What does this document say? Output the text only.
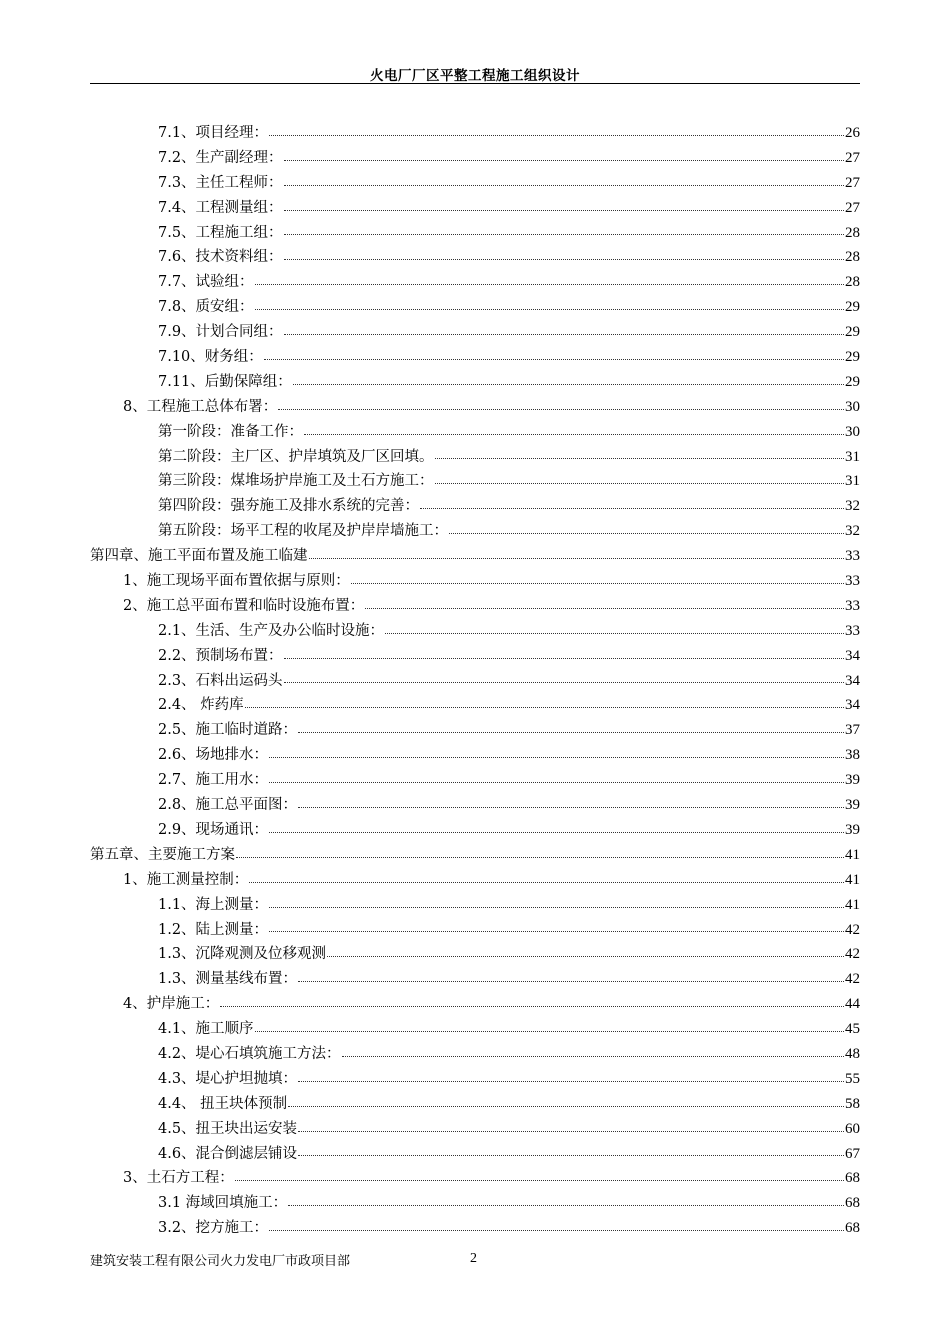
火电厂厂区平整工程施工组织设计
7.1、项目经理：	26
7.2、生产副经理：	27
7.3、主任工程师：	27
7.4、工程测量组：	27
7.5、工程施工组：	28
7.6、技术资料组：	28
7.7、试验组：	28
7.8、质安组：	29
7.9、计划合同组：	29
7.10、财务组：	29
7.11、后勤保障组：	29
8、工程施工总体布署：	30
第一阶段：准备工作：	30
第二阶段：主厂区、护岸填筑及厂区回填。	31
第三阶段：煤堆场护岸施工及土石方施工：	31
第四阶段：强夯施工及排水系统的完善：	32
第五阶段：场平工程的收尾及护岸岸墙施工：	32
第四章、施工平面布置及施工临建	33
1、施工现场平面布置依据与原则：	33
2、施工总平面布置和临时设施布置：	33
2.1、生活、生产及办公临时设施：	33
2.2、预制场布置：	34
2.3、石料出运码头	34
2.4、 炸药库	34
2.5、施工临时道路：	37
2.6、场地排水：	38
2.7、施工用水：	39
2.8、施工总平面图：	39
2.9、现场通讯：	39
第五章、主要施工方案	41
1、施工测量控制：	41
1.1、海上测量：	41
1.2、陆上测量：	42
1.3、沉降观测及位移观测	42
1.3、测量基线布置：	42
4、护岸施工：	44
4.1、施工顺序	45
4.2、堤心石填筑施工方法：	48
4.3、堤心护坦抛填：	55
4.4、 扭王块体预制	58
4.5、扭王块出运安装	60
4.6、混合倒滤层铺设	67
3、土石方工程：	68
3.1 海域回填施工：	68
3.2、挖方施工：	68
建筑安装工程有限公司火力发电厂市政项目部	2
